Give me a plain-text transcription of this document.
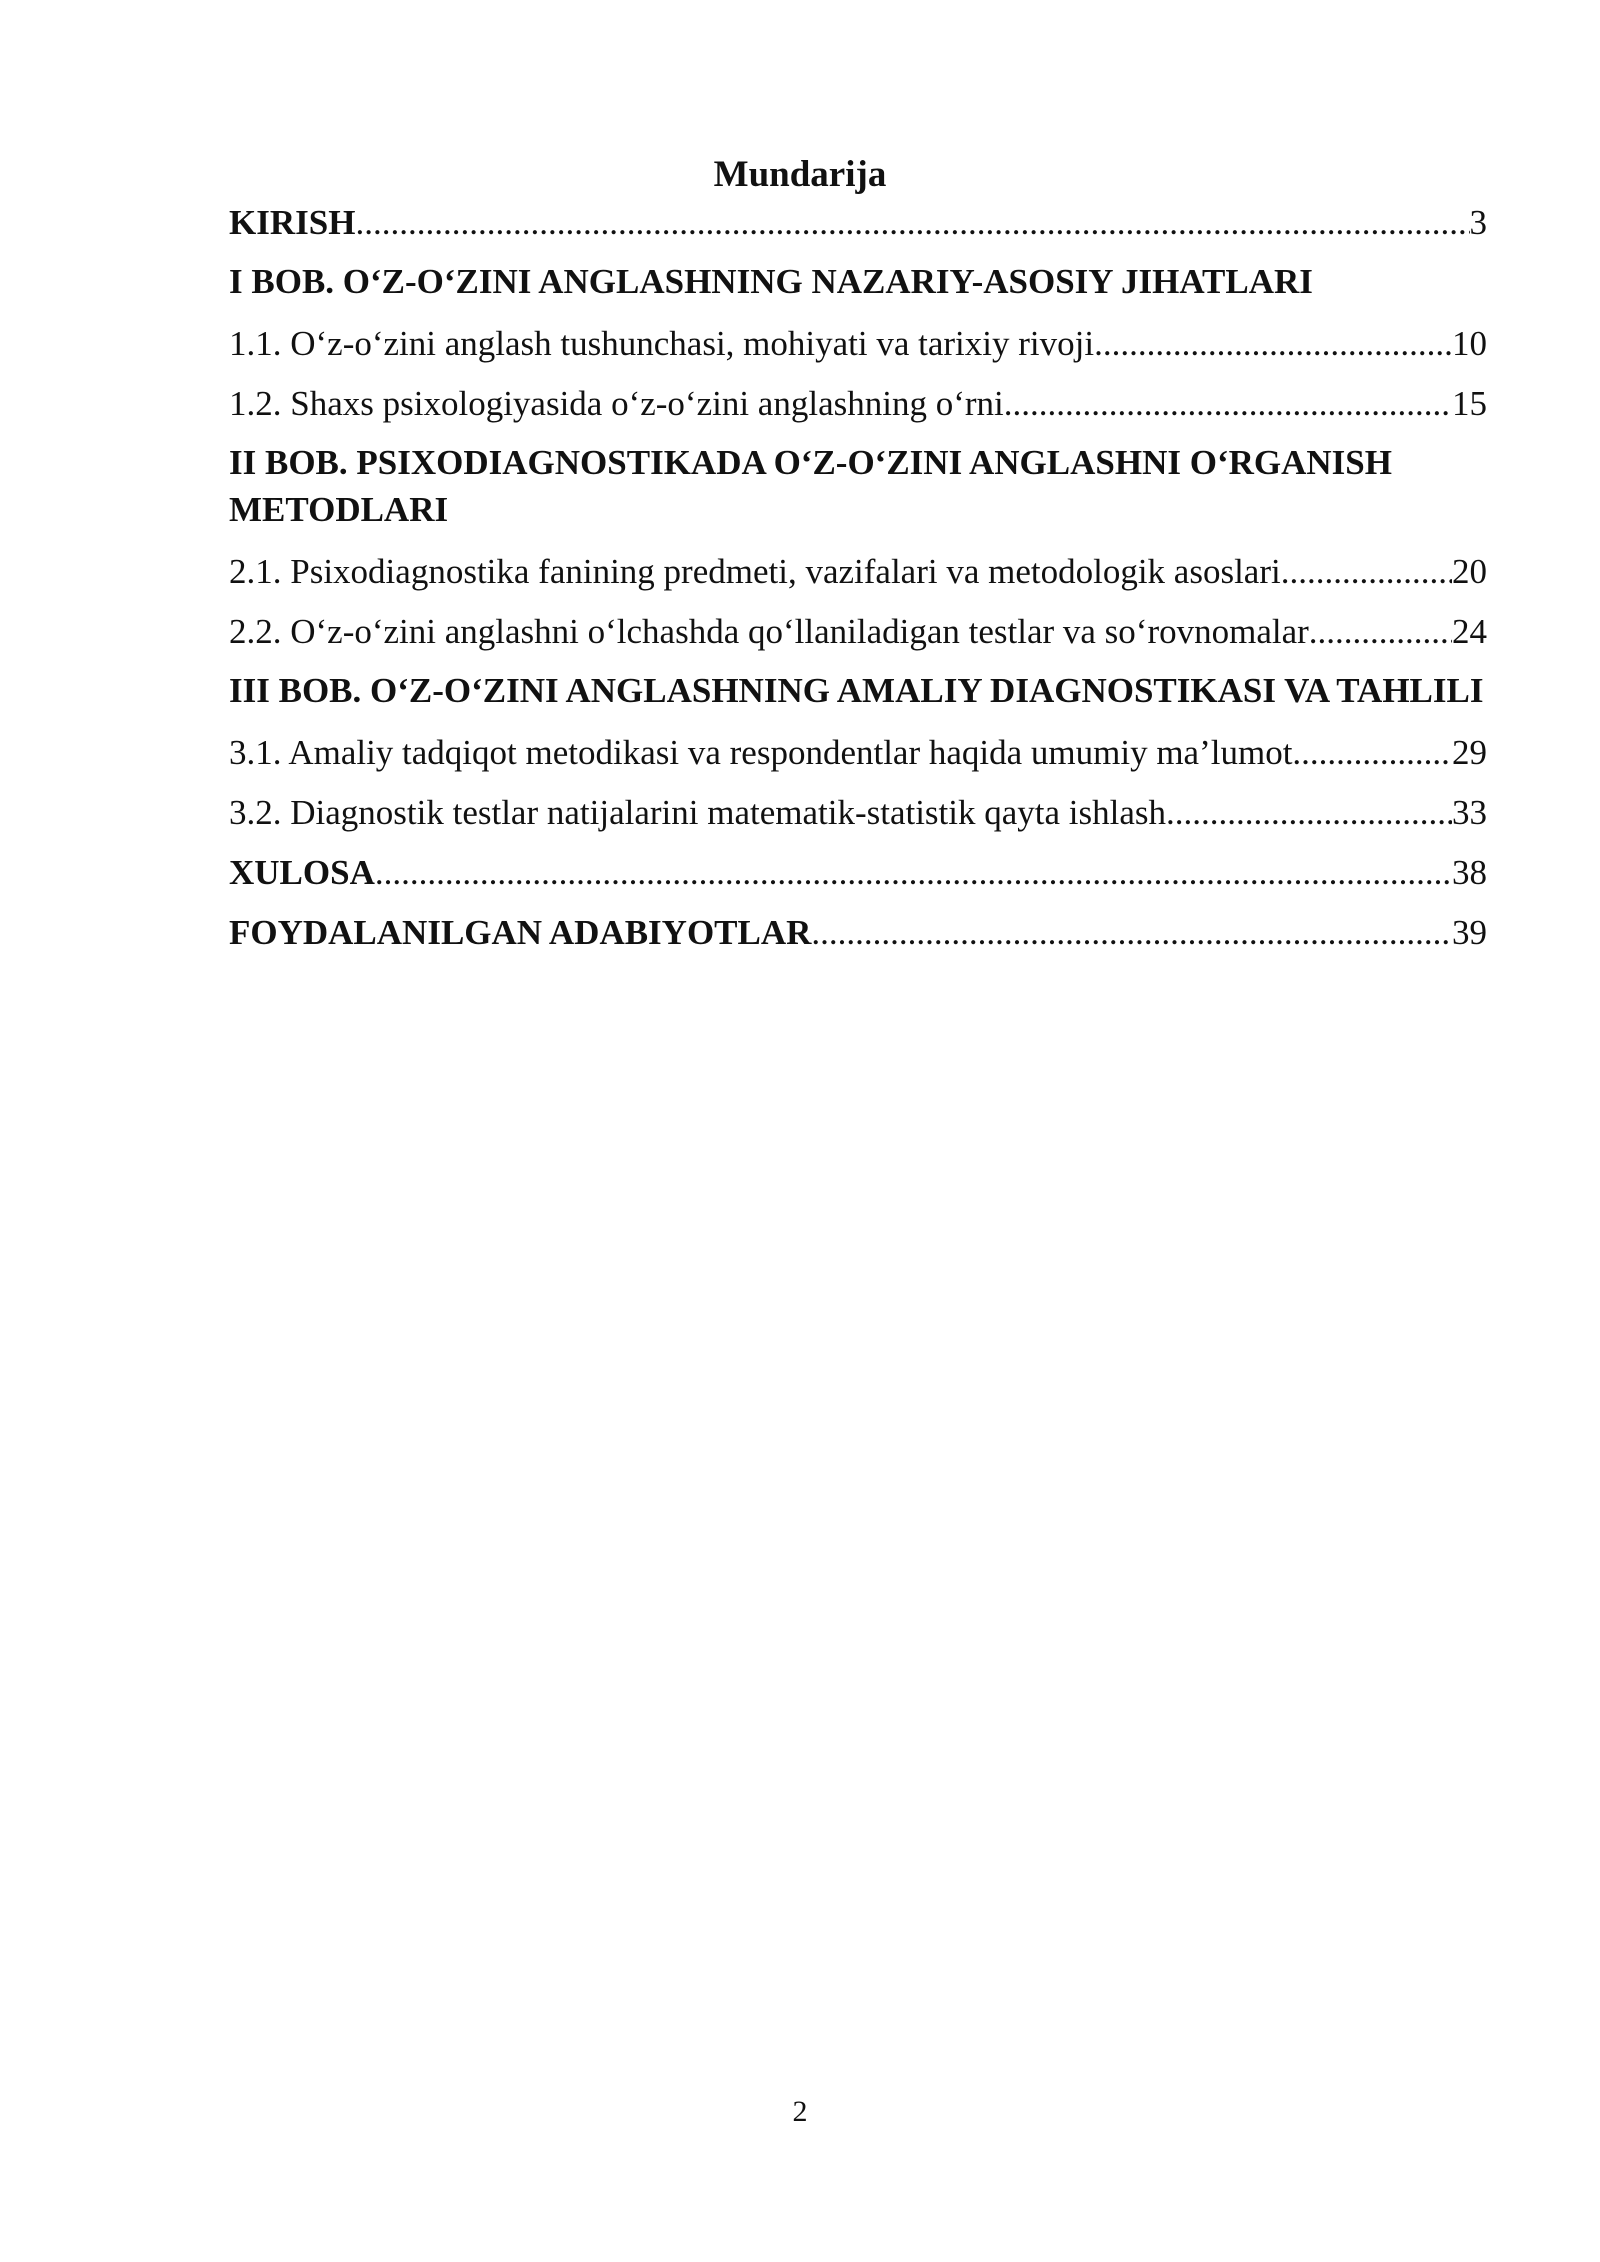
Mundarija
KIRISH .....	3
I BOB. O‘Z-O‘ZINI ANGLASHNING NAZARIY-ASOSIY JIHATLARI
1.1. O‘z-o‘zini anglash tushunchasi, mohiyati va tarixiy rivoji .....	10
1.2. Shaxs psixologiyasida o‘z-o‘zini anglashning o‘rni .....	15
II BOB. PSIXODIAGNOSTIKADA O‘Z-O‘ZINI ANGLASHNI O‘RGANISH METODLARI
2.1. Psixodiagnostika fanining predmeti, vazifalari va metodologik asoslari .....	20
2.2. O‘z-o‘zini anglashni o‘lchashda qo‘llaniladigan testlar va so‘rovnomalar .....	24
III BOB. O‘Z-O‘ZINI ANGLASHNING AMALIY DIAGNOSTIKASI VA TAHLILI
3.1. Amaliy tadqiqot metodikasi va respondentlar haqida umumiy ma’lumot .....	29
3.2. Diagnostik testlar natijalarini matematik-statistik qayta ishlash .....	33
XULOSA .....	38
FOYDALANILGAN ADABIYOTLAR .....	39
2
